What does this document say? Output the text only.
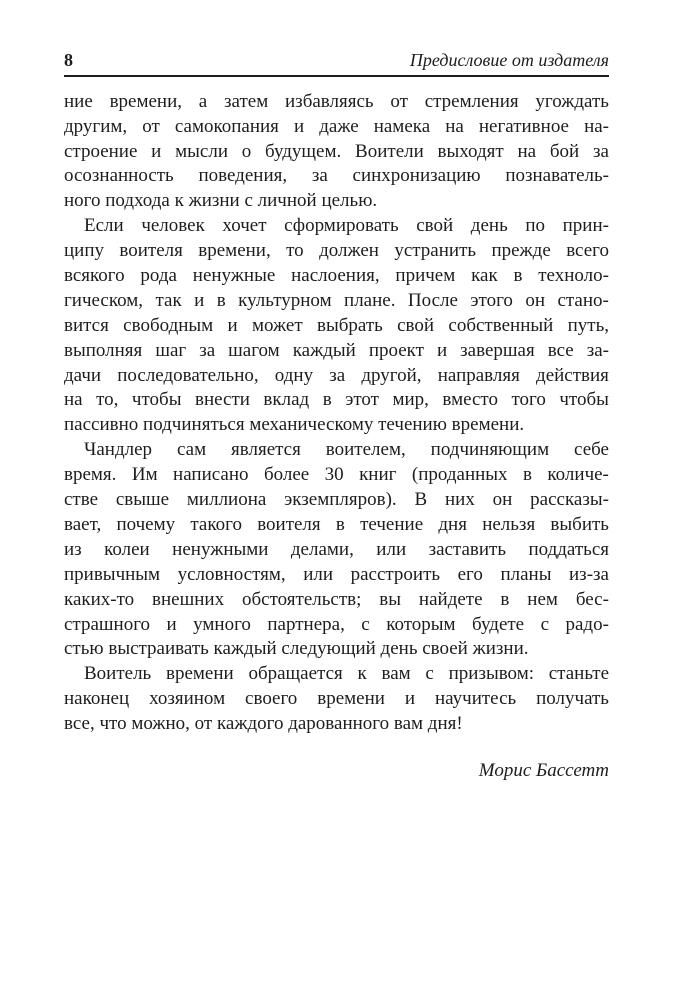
8	Предисловие от издателя
ние времени, а затем избавляясь от стремления угождать
другим, от самокопания и даже намека на негативное на-
строение и мысли о будущем. Воители выходят на бой за
осознанность поведения, за синхронизацию познаватель-
ного подхода к жизни с личной целью.
Если человек хочет сформировать свой день по прин-
ципу воителя времени, то должен устранить прежде всего
всякого рода ненужные наслоения, причем как в техноло-
гическом, так и в культурном плане. После этого он стано-
вится свободным и может выбрать свой собственный путь,
выполняя шаг за шагом каждый проект и завершая все за-
дачи последовательно, одну за другой, направляя действия
на то, чтобы внести вклад в этот мир, вместо того чтобы
пассивно подчиняться механическому течению времени.
Чандлер сам является воителем, подчиняющим себе
время. Им написано более 30 книг (проданных в количе-
стве свыше миллиона экземпляров). В них он рассказы-
вает, почему такого воителя в течение дня нельзя выбить
из колеи ненужными делами, или заставить поддаться
привычным условностям, или расстроить его планы из-за
каких-то внешних обстоятельств; вы найдете в нем бес-
страшного и умного партнера, с которым будете с радо-
стью выстраивать каждый следующий день своей жизни.
Воитель времени обращается к вам с призывом: станьте
наконец хозяином своего времени и научитесь получать
все, что можно, от каждого дарованного вам дня!
Морис Бассетт
